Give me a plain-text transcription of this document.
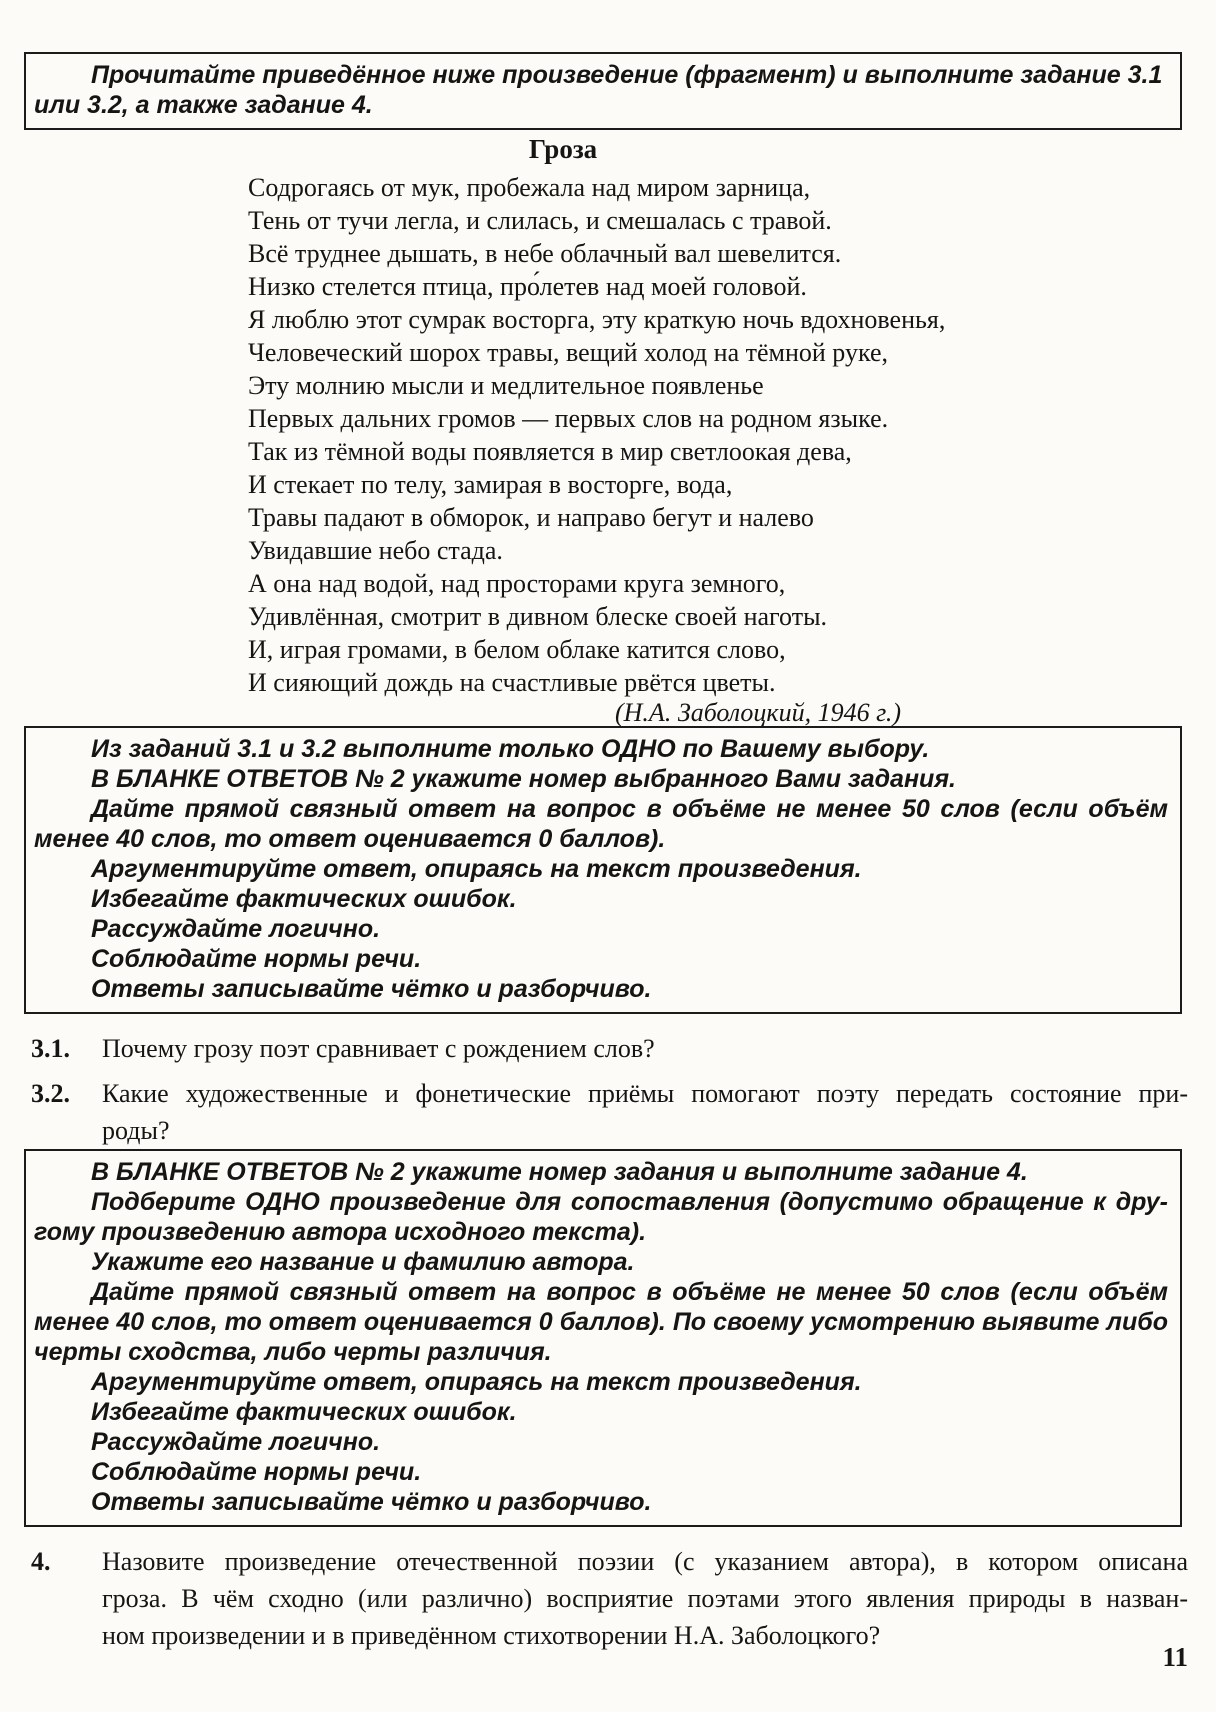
Прочитайте приведённое ниже произведение (фрагмент) и выполните задание 3.1
или 3.2, а также задание 4.
Гроза
Содрогаясь от мук, пробежала над миром зарница,
Тень от тучи легла, и слилась, и смешалась с травой.
Всё труднее дышать, в небе облачный вал шевелится.
Низко стелется птица, про́летев над моей головой.
Я люблю этот сумрак восторга, эту краткую ночь вдохновенья,
Человеческий шорох травы, вещий холод на тёмной руке,
Эту молнию мысли и медлительное появленье
Первых дальних громов — первых слов на родном языке.
Так из тёмной воды появляется в мир светлоокая дева,
И стекает по телу, замирая в восторге, вода,
Травы падают в обморок, и направо бегут и налево
Увидавшие небо стада.
А она над водой, над просторами круга земного,
Удивлённая, смотрит в дивном блеске своей наготы.
И, играя громами, в белом облаке катится слово,
И сияющий дождь на счастливые рвётся цветы.
(Н.А. Заболоцкий, 1946 г.)
Из заданий 3.1 и 3.2 выполните только ОДНО по Вашему выбору.
В БЛАНКЕ ОТВЕТОВ № 2 укажите номер выбранного Вами задания.
Дайте прямой связный ответ на вопрос в объёме не менее 50 слов (если объём
менее 40 слов, то ответ оценивается 0 баллов).
Аргументируйте ответ, опираясь на текст произведения.
Избегайте фактических ошибок.
Рассуждайте логично.
Соблюдайте нормы речи.
Ответы записывайте чётко и разборчиво.
3.1. Почему грозу поэт сравнивает с рождением слов?
3.2. Какие художественные и фонетические приёмы помогают поэту передать состояние при-
роды?
В БЛАНКЕ ОТВЕТОВ № 2 укажите номер задания и выполните задание 4.
Подберите ОДНО произведение для сопоставления (допустимо обращение к дру-
гому произведению автора исходного текста).
Укажите его название и фамилию автора.
Дайте прямой связный ответ на вопрос в объёме не менее 50 слов (если объём
менее 40 слов, то ответ оценивается 0 баллов). По своему усмотрению выявите либо
черты сходства, либо черты различия.
Аргументируйте ответ, опираясь на текст произведения.
Избегайте фактических ошибок.
Рассуждайте логично.
Соблюдайте нормы речи.
Ответы записывайте чётко и разборчиво.
4. Назовите произведение отечественной поэзии (с указанием автора), в котором описана
гроза. В чём сходно (или различно) восприятие поэтами этого явления природы в назван-
ном произведении и в приведённом стихотворении Н.А. Заболоцкого?
11
